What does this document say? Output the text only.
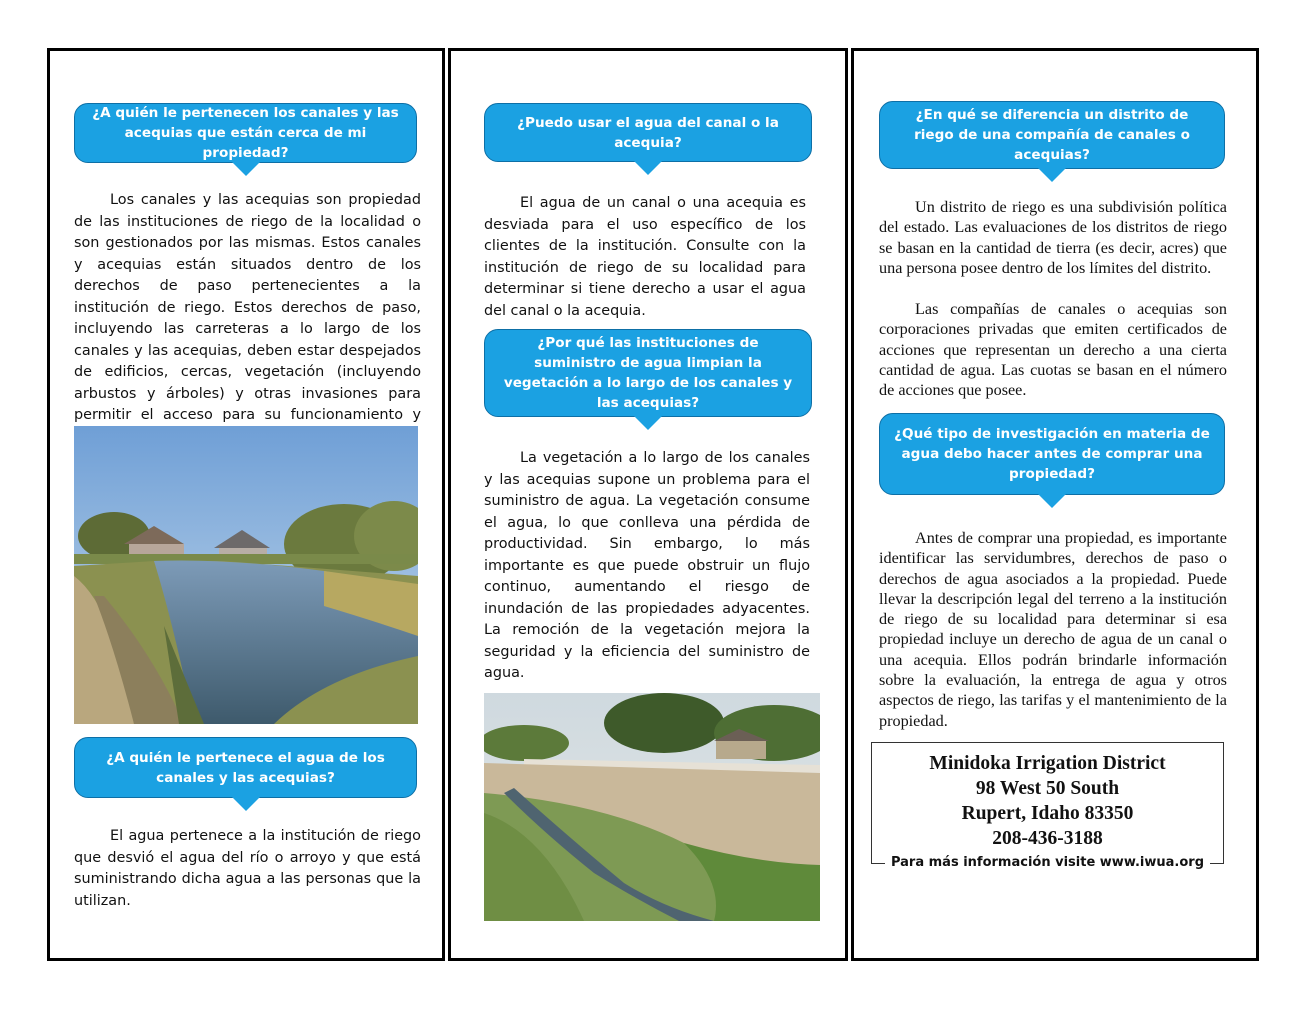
¿A quién le pertenecen los canales y las acequias que están cerca de mi propiedad?

Los canales y las acequias son propiedad de las instituciones de riego de la localidad o son gestionados por las mismas. Estos canales y acequias están situados dentro de los derechos de paso pertenecientes a la institución de riego. Estos derechos de paso, incluyendo las carreteras a lo largo de los canales y las acequias, deben estar despejados de edificios, cercas, vegetación (incluyendo arbustos y árboles) y otras invasiones para permitir el acceso para su funcionamiento y

¿A quién le pertenece el agua de los canales y las acequias?

El agua pertenece a la institución de riego que desvió el agua del río o arroyo y que está suministrando dicha agua a las personas que la utilizan.

¿Puedo usar el agua del canal o la acequia?

El agua de un canal o una acequia es desviada para el uso específico de los clientes de la institución. Consulte con la institución de riego de su localidad para determinar si tiene derecho a usar el agua del canal o la acequia.

¿Por qué las instituciones de suministro de agua limpian la vegetación a lo largo de los canales y las acequias?

La vegetación a lo largo de los canales y las acequias supone un problema para el suministro de agua. La vegetación consume el agua, lo que conlleva una pérdida de productividad. Sin embargo, lo más importante es que puede obstruir un flujo continuo, aumentando el riesgo de inundación de las propiedades adyacentes. La remoción de la vegetación mejora la seguridad y la eficiencia del suministro de agua.

¿En qué se diferencia un distrito de riego de una compañía de canales o acequias?

Un distrito de riego es una subdivisión política del estado. Las evaluaciones de los distritos de riego se basan en la cantidad de tierra (es decir, acres) que una persona posee dentro de los límites del distrito.

Las compañías de canales o acequias son corporaciones privadas que emiten certificados de acciones que representan un derecho a una cierta cantidad de agua. Las cuotas se basan en el número de acciones que posee.

¿Qué tipo de investigación en materia de agua debo hacer antes de comprar una propiedad?

Antes de comprar una propiedad, es importante identificar las servidumbres, derechos de paso o derechos de agua asociados a la propiedad. Puede llevar la descripción legal del terreno a la institución de riego de su localidad para determinar si esa propiedad incluye un derecho de agua de un canal o una acequia. Ellos podrán brindarle información sobre la evaluación, la entrega de agua y otros aspectos de riego, las tarifas y el mantenimiento de la propiedad.

Minidoka Irrigation District
98 West 50 South
Rupert, Idaho 83350
208-436-3188
Para más información visite www.iwua.org
